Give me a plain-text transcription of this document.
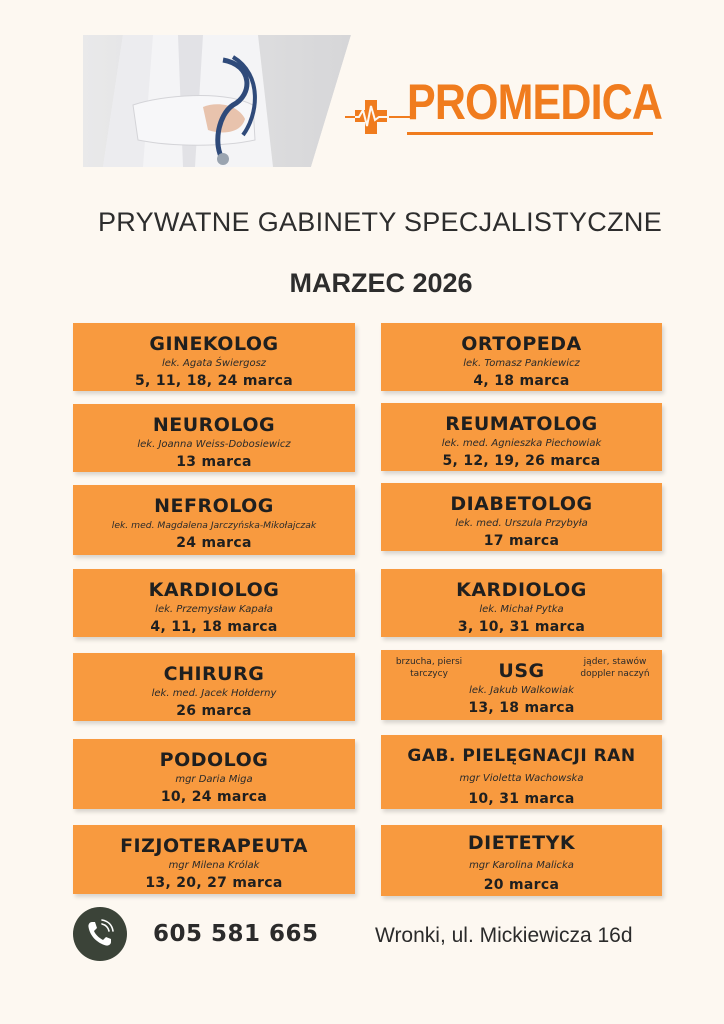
PROMEDICA
PRYWATNE GABINETY SPECJALISTYCZNE
MARZEC 2026
GINEKOLOG
lek. Agata Świergosz
5, 11, 18, 24 marca
NEUROLOG
lek. Joanna Weiss-Dobosiewicz
13 marca
NEFROLOG
lek. med. Magdalena Jarczyńska-Mikołajczak
24 marca
KARDIOLOG
lek. Przemysław Kapała
4, 11, 18 marca
CHIRURG
lek. med. Jacek Hołderny
26 marca
PODOLOG
mgr Daria Miga
10, 24 marca
FIZJOTERAPEUTA
mgr Milena Królak
13, 20, 27 marca
ORTOPEDA
lek. Tomasz Pankiewicz
4, 18 marca
REUMATOLOG
lek. med. Agnieszka Piechowiak
5, 12, 19, 26 marca
DIABETOLOG
lek. med. Urszula Przybyła
17 marca
KARDIOLOG
lek. Michał Pytka
3, 10, 31 marca
brzucha, piersi
tarczycy
jąder, stawów
doppler naczyń
USG
lek. Jakub Walkowiak
13, 18 marca
GAB. PIELĘGNACJI RAN
mgr Violetta Wachowska
10, 31 marca
DIETETYK
mgr Karolina Malicka
20 marca
605 581 665	Wronki, ul. Mickiewicza 16d
